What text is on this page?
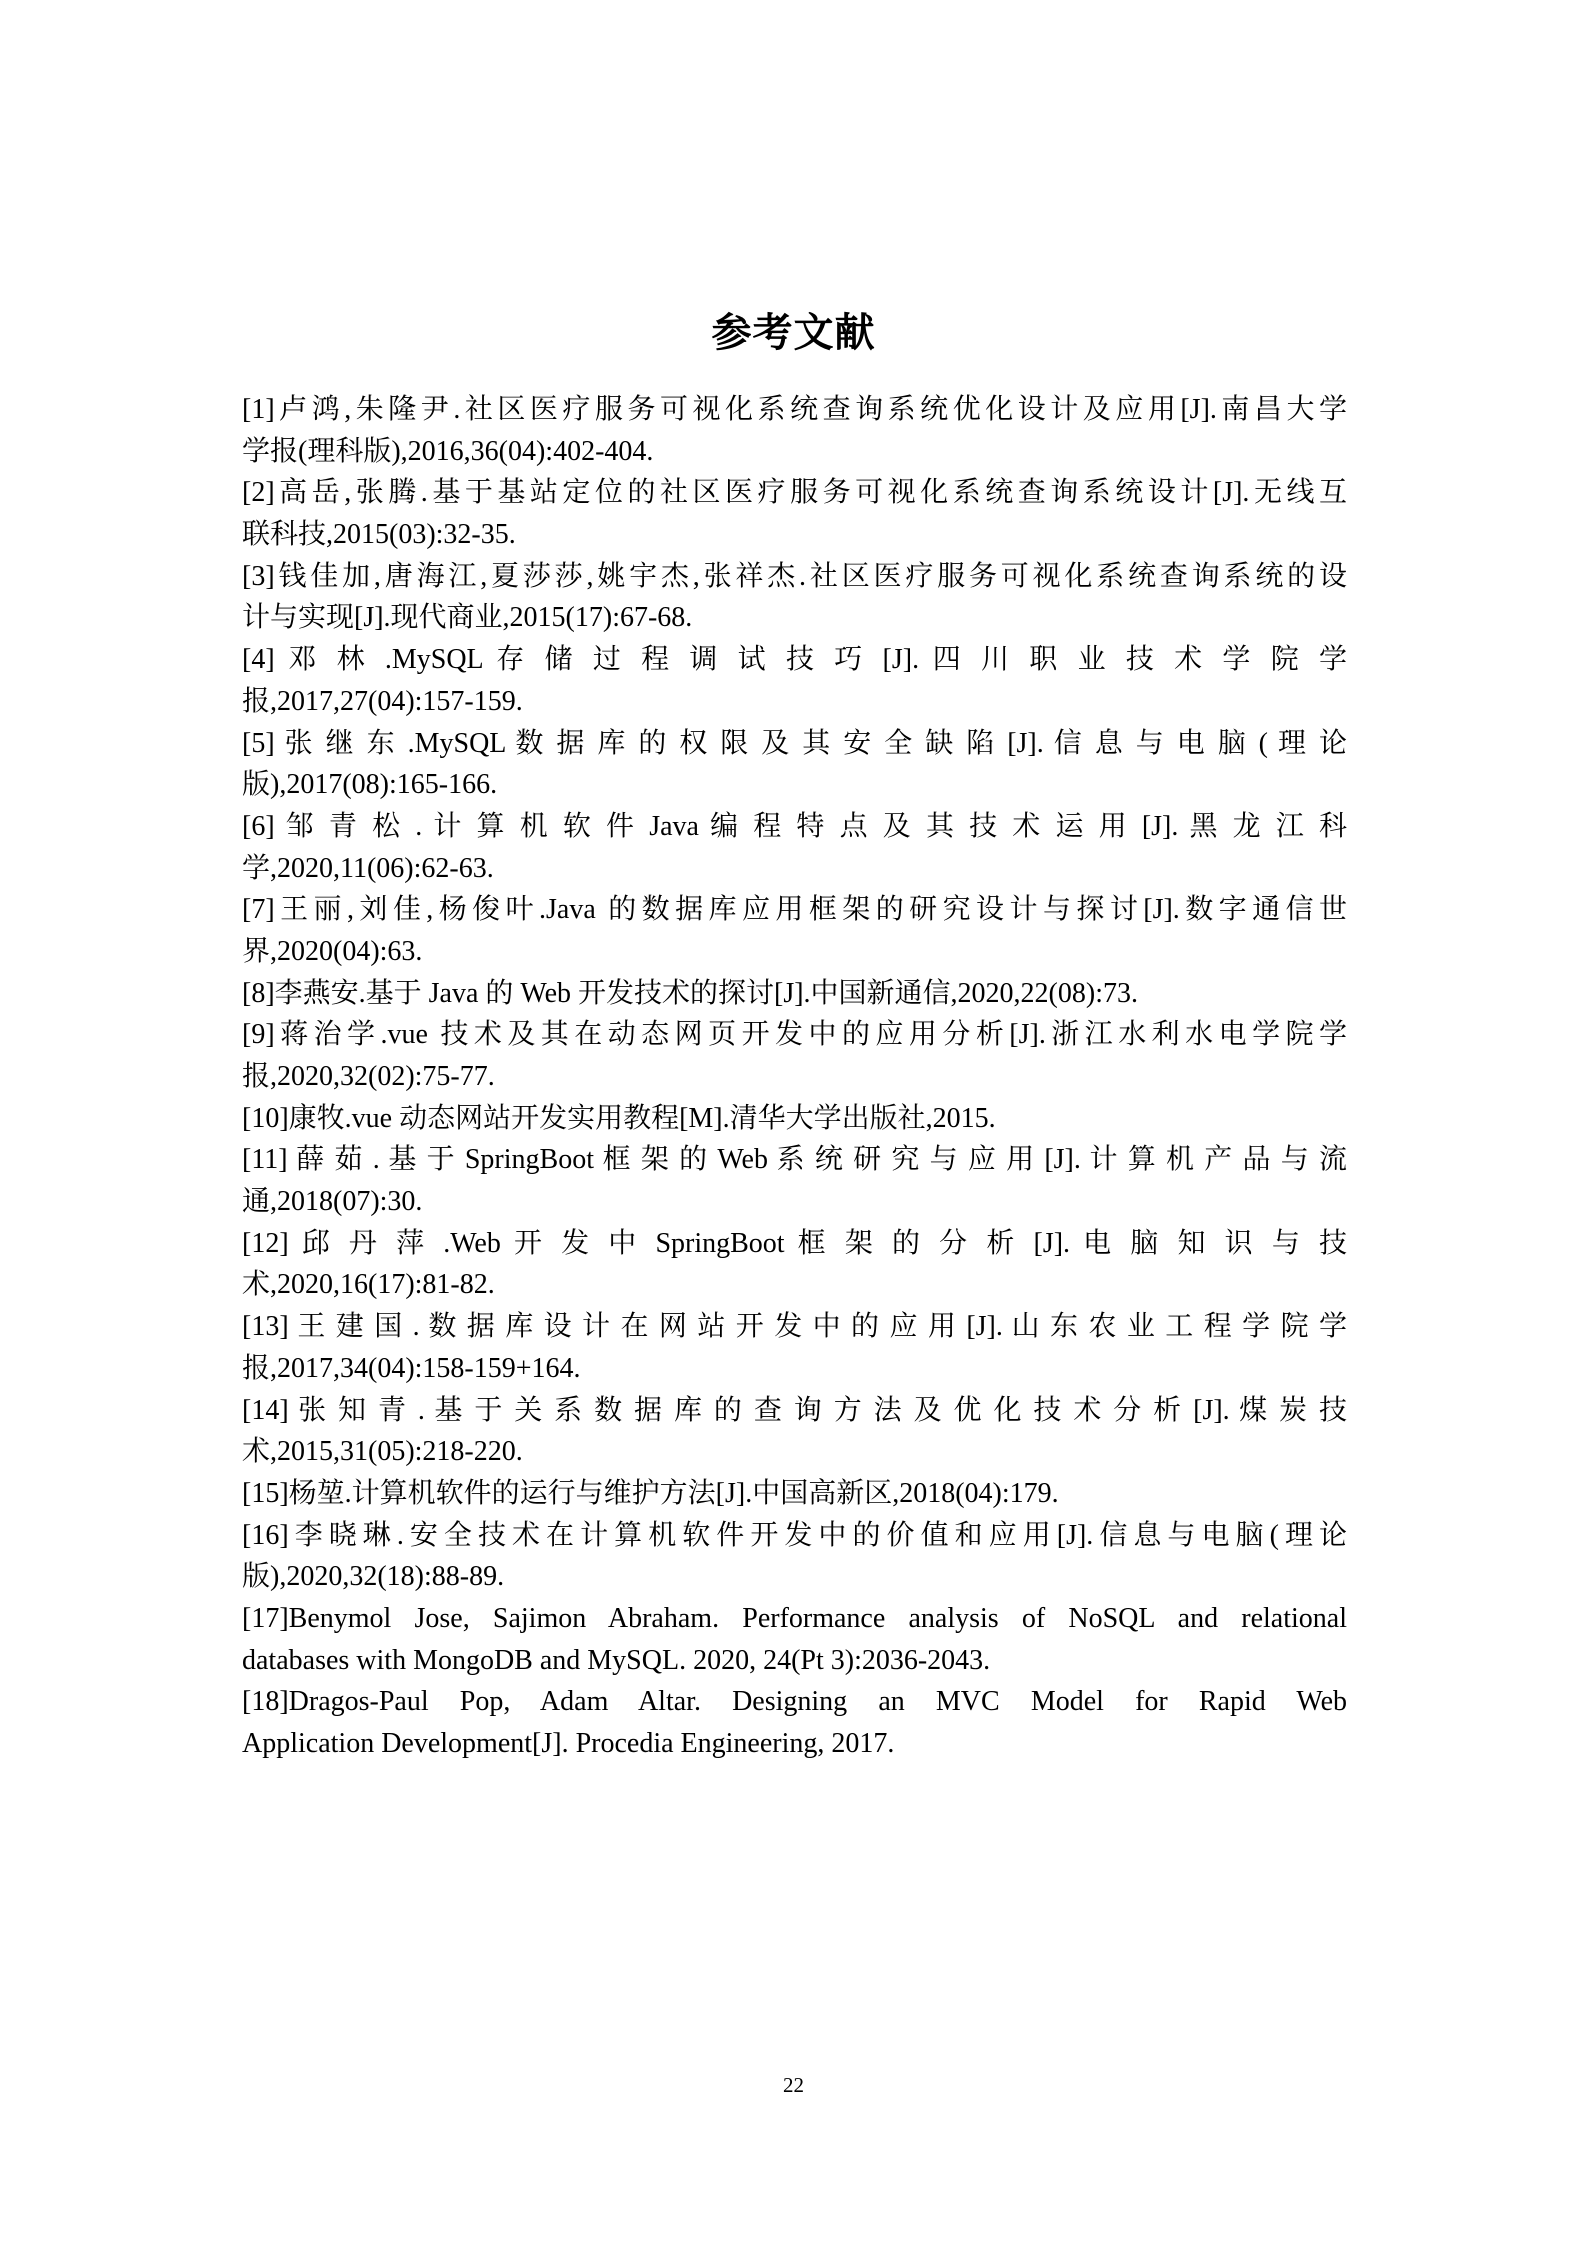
参考文献
[1]卢鸿,朱隆尹.社区医疗服务可视化系统查询系统优化设计及应用[J].南昌大学
学报(理科版),2016,36(04):402-404.
[2]高岳,张腾.基于基站定位的社区医疗服务可视化系统查询系统设计[J].无线互
联科技,2015(03):32-35.
[3]钱佳加,唐海江,夏莎莎,姚宇杰,张祥杰.社区医疗服务可视化系统查询系统的设
计与实现[J].现代商业,2015(17):67-68.
[4] 邓 林 .MySQL 存 储 过 程 调 试 技 巧 [J]. 四 川 职 业 技 术 学 院 学
报,2017,27(04):157-159.
[5] 张 继 东 .MySQL 数 据 库 的 权 限 及 其 安 全 缺 陷 [J]. 信 息 与 电 脑 ( 理 论
版),2017(08):165-166.
[6] 邹 青 松 . 计 算 机 软 件 Java 编 程 特 点 及 其 技 术 运 用 [J]. 黑 龙 江 科
学,2020,11(06):62-63.
[7]王丽,刘佳,杨俊叶.Java 的数据库应用框架的研究设计与探讨[J].数字通信世
界,2020(04):63.
[8]李燕安.基于 Java 的 Web 开发技术的探讨[J].中国新通信,2020,22(08):73.
[9]蒋治学.vue 技术及其在动态网页开发中的应用分析[J].浙江水利水电学院学
报,2020,32(02):75-77.
[10]康牧.vue 动态网站开发实用教程[M].清华大学出版社,2015.
[11] 薛 茹 . 基 于 SpringBoot 框 架 的 Web 系 统 研 究 与 应 用 [J]. 计 算 机 产 品 与 流
通,2018(07):30.
[12] 邱 丹 萍 .Web 开 发 中 SpringBoot 框 架 的 分 析 [J]. 电 脑 知 识 与 技
术,2020,16(17):81-82.
[13] 王 建 国 . 数 据 库 设 计 在 网 站 开 发 中 的 应 用 [J]. 山 东 农 业 工 程 学 院 学
报,2017,34(04):158-159+164.
[14] 张 知 青 . 基 于 关 系 数 据 库 的 查 询 方 法 及 优 化 技 术 分 析 [J]. 煤 炭 技
术,2015,31(05):218-220.
[15]杨堃.计算机软件的运行与维护方法[J].中国高新区,2018(04):179.
[16]李晓琳.安全技术在计算机软件开发中的价值和应用[J].信息与电脑(理论
版),2020,32(18):88-89.
[17]Benymol Jose, Sajimon Abraham. Performance analysis of NoSQL and relational
databases with MongoDB and MySQL. 2020, 24(Pt 3):2036-2043.
[18]Dragos-Paul Pop, Adam Altar. Designing an MVC Model for Rapid Web
Application Development[J]. Procedia Engineering, 2017.
22
